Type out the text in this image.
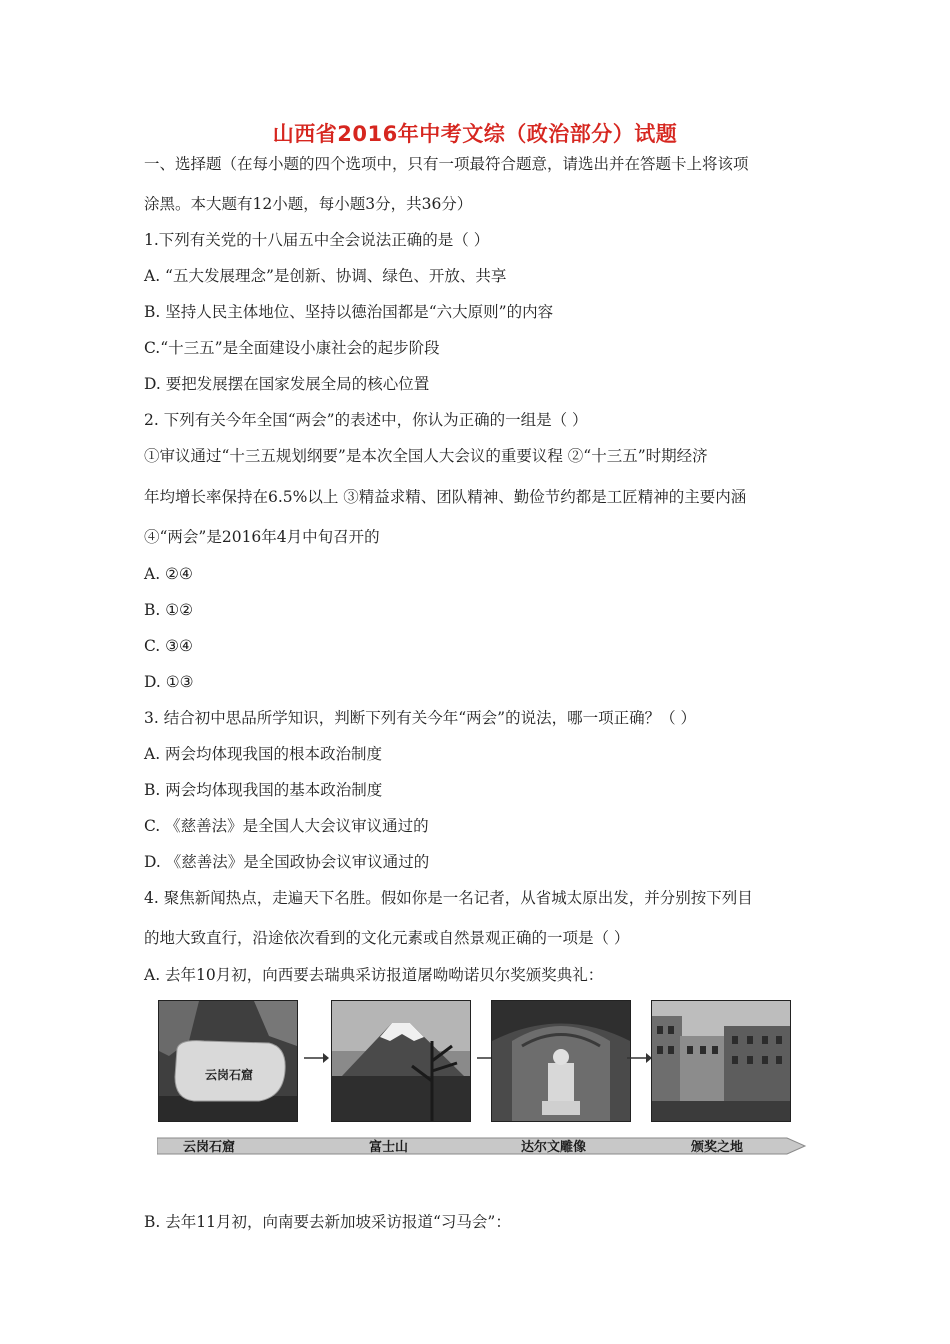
山西省2016年中考文综（政治部分）试题
一、选择题（在每小题的四个选项中，只有一项最符合题意，请选出并在答题卡上将该项
涂黑。本大题有12小题，每小题3分，共36分）
1.下列有关党的十八届五中全会说法正确的是（ ）
A. “五大发展理念”是创新、协调、绿色、开放、共享
B. 坚持人民主体地位、坚持以德治国都是“六大原则”的内容
C.“十三五”是全面建设小康社会的起步阶段
D. 要把发展摆在国家发展全局的核心位置
2. 下列有关今年全国“两会”的表述中，你认为正确的一组是（ ）
①审议通过“十三五规划纲要”是本次全国人大会议的重要议程 ②“十三五”时期经济
年均增长率保持在6.5%以上 ③精益求精、团队精神、勤俭节约都是工匠精神的主要内涵
④“两会”是2016年4月中旬召开的
A. ②④
B. ①②
C. ③④
D. ①③
3. 结合初中思品所学知识，判断下列有关今年“两会”的说法，哪一项正确？（ ）
A. 两会均体现我国的根本政治制度
B. 两会均体现我国的基本政治制度
C. 《慈善法》是全国人大会议审议通过的
D. 《慈善法》是全国政协会议审议通过的
4. 聚焦新闻热点，走遍天下名胜。假如你是一名记者，从省城太原出发，并分别按下列目
的地大致直行，沿途依次看到的文化元素或自然景观正确的一项是（ ）
A. 去年10月初，向西要去瑞典采访报道屠呦呦诺贝尔奖颁奖典礼：
云岗石窟
云岗石窟	富士山	达尔文雕像	颁奖之地
B. 去年11月初，向南要去新加坡采访报道“习马会”：
